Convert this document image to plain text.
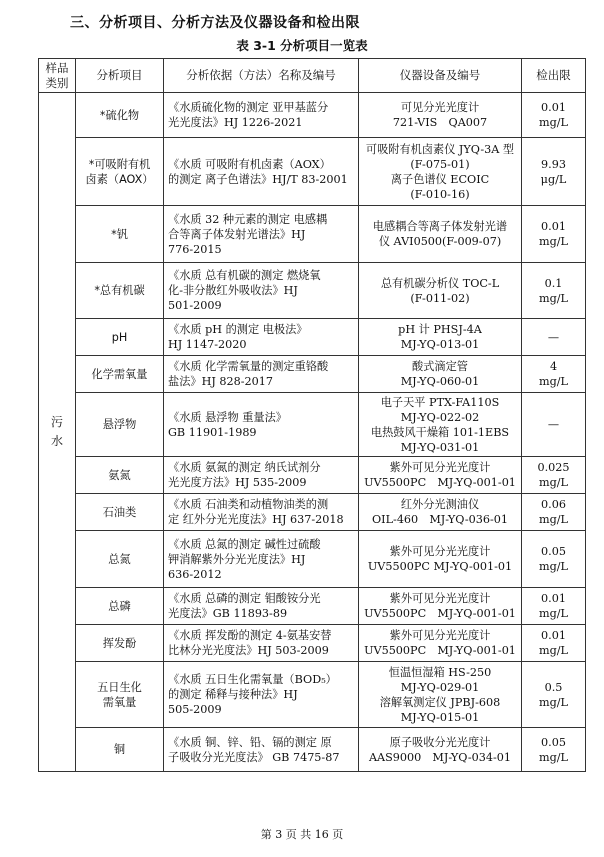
三、分析项目、分析方法及仪器设备和检出限
表 3-1 分析项目一览表
样品
类别	分析项目	分析依据（方法）名称及编号	仪器设备及编号	检出限

污
水	*硫化物	《水质硫化物的测定 亚甲基蓝分
光光度法》HJ 1226-2021	可见分光光度计
721-VIS　QA007	0.01
mg/L

	*可吸附有机
卤素（AOX）	《水质 可吸附有机卤素（AOX）
的测定 离子色谱法》HJ/T 83-2001	可吸附有机卤素仪 JYQ-3A 型
(F-075-01)
离子色谱仪 ECOIC
(F-010-16)	9.93
μg/L

	*钒	《水质 32 种元素的测定 电感耦
合等离子体发射光谱法》HJ
776-2015	电感耦合等离子体发射光谱
仪 AVI0500(F-009-07)	0.01
mg/L

	*总有机碳	《水质 总有机碳的测定 燃烧氧
化-非分散红外吸收法》HJ
501-2009	总有机碳分析仪 TOC-L
(F-011-02)	0.1
mg/L

	pH	《水质 pH 的测定 电极法》
HJ 1147-2020	pH 计 PHSJ-4A
MJ-YQ-013-01	—

	化学需氧量	《水质 化学需氧量的测定重铬酸
盐法》HJ 828-2017	酸式滴定管
MJ-YQ-060-01	4
mg/L

	悬浮物	《水质 悬浮物 重量法》
GB 11901-1989	电子天平 PTX-FA110S
MJ-YQ-022-02
电热鼓风干燥箱 101-1EBS
MJ-YQ-031-01	—

	氨氮	《水质 氨氮的测定 纳氏试剂分
光光度方法》HJ 535-2009	紫外可见分光光度计
UV5500PC　MJ-YQ-001-01	0.025
mg/L

	石油类	《水质 石油类和动植物油类的测
定 红外分光光度法》HJ 637-2018	红外分光测油仪
OIL-460　MJ-YQ-036-01	0.06
mg/L

	总氮	《水质 总氮的测定 碱性过硫酸
钾消解紫外分光光度法》HJ
636-2012	紫外可见分光光度计
UV5500PC MJ-YQ-001-01	0.05
mg/L

	总磷	《水质 总磷的测定 钼酸铵分光
光度法》GB 11893-89	紫外可见分光光度计
UV5500PC　MJ-YQ-001-01	0.01
mg/L

	挥发酚	《水质 挥发酚的测定 4-氨基安替
比林分光光度法》HJ 503-2009	紫外可见分光光度计
UV5500PC　MJ-YQ-001-01	0.01
mg/L

	五日生化
需氧量	《水质 五日生化需氧量（BOD₅）
的测定 稀释与接种法》HJ
505-2009	恒温恒湿箱 HS-250
MJ-YQ-029-01
溶解氧测定仪 JPBJ-608
MJ-YQ-015-01	0.5
mg/L

	铜	《水质 铜、锌、铅、镉的测定 原
子吸收分光光度法》 GB 7475-87	原子吸收分光光度计
AAS9000　MJ-YQ-034-01	0.05
mg/L
第 3 页 共 16 页
